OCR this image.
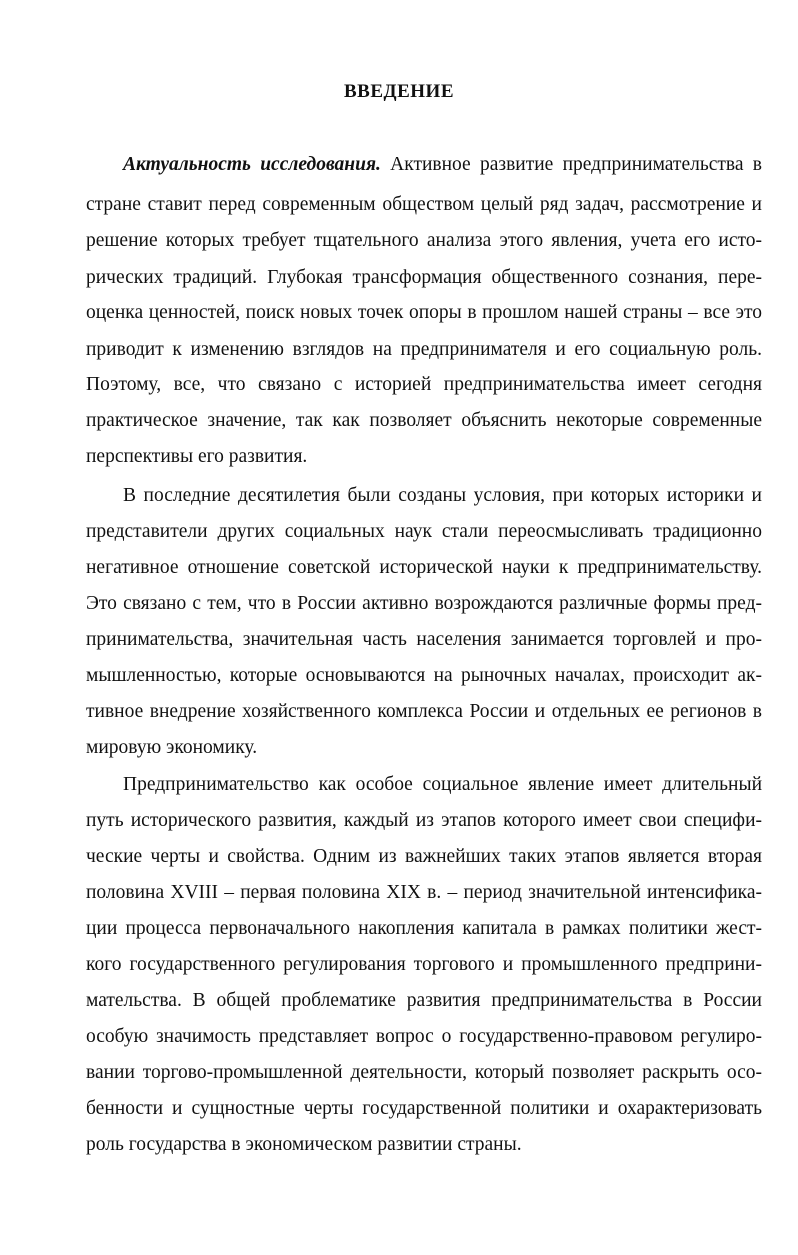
ВВЕДЕНИЕ

Актуальность исследования. Активное развитие предпринимательства в

стране ставит перед современным обществом целый ряд задач, рассмотрение и

решение которых требует тщательного анализа этого явления, учета его исто-

рических традиций. Глубокая трансформация общественного сознания, пере-

оценка ценностей, поиск новых точек опоры в прошлом нашей страны – все это

приводит к изменению взглядов на предпринимателя и его социальную роль.

Поэтому, все, что связано с историей предпринимательства имеет сегодня

практическое значение, так как позволяет объяснить некоторые современные

перспективы его развития.

В последние десятилетия были созданы условия, при которых историки и

представители других социальных наук стали переосмысливать традиционно

негативное отношение советской исторической науки к предпринимательству.

Это связано с тем, что в России активно возрождаются различные формы пред-

принимательства, значительная часть населения занимается торговлей и про-

мышленностью, которые основываются на рыночных началах, происходит ак-

тивное внедрение хозяйственного комплекса России и отдельных ее регионов в

мировую экономику.

Предпринимательство как особое социальное явление имеет длительный

путь исторического развития, каждый из этапов которого имеет свои специфи-

ческие черты и свойства. Одним из важнейших таких этапов является вторая

половина XVIII – первая половина XIX в. – период значительной интенсифика-

ции процесса первоначального накопления капитала в рамках политики жест-

кого государственного регулирования торгового и промышленного предприни-

мательства. В общей проблематике развития предпринимательства в России

особую значимость представляет вопрос о государственно-правовом регулиро-

вании торгово-промышленной деятельности, который позволяет раскрыть осо-

бенности и сущностные черты государственной политики и охарактеризовать

роль государства в экономическом развитии страны.
